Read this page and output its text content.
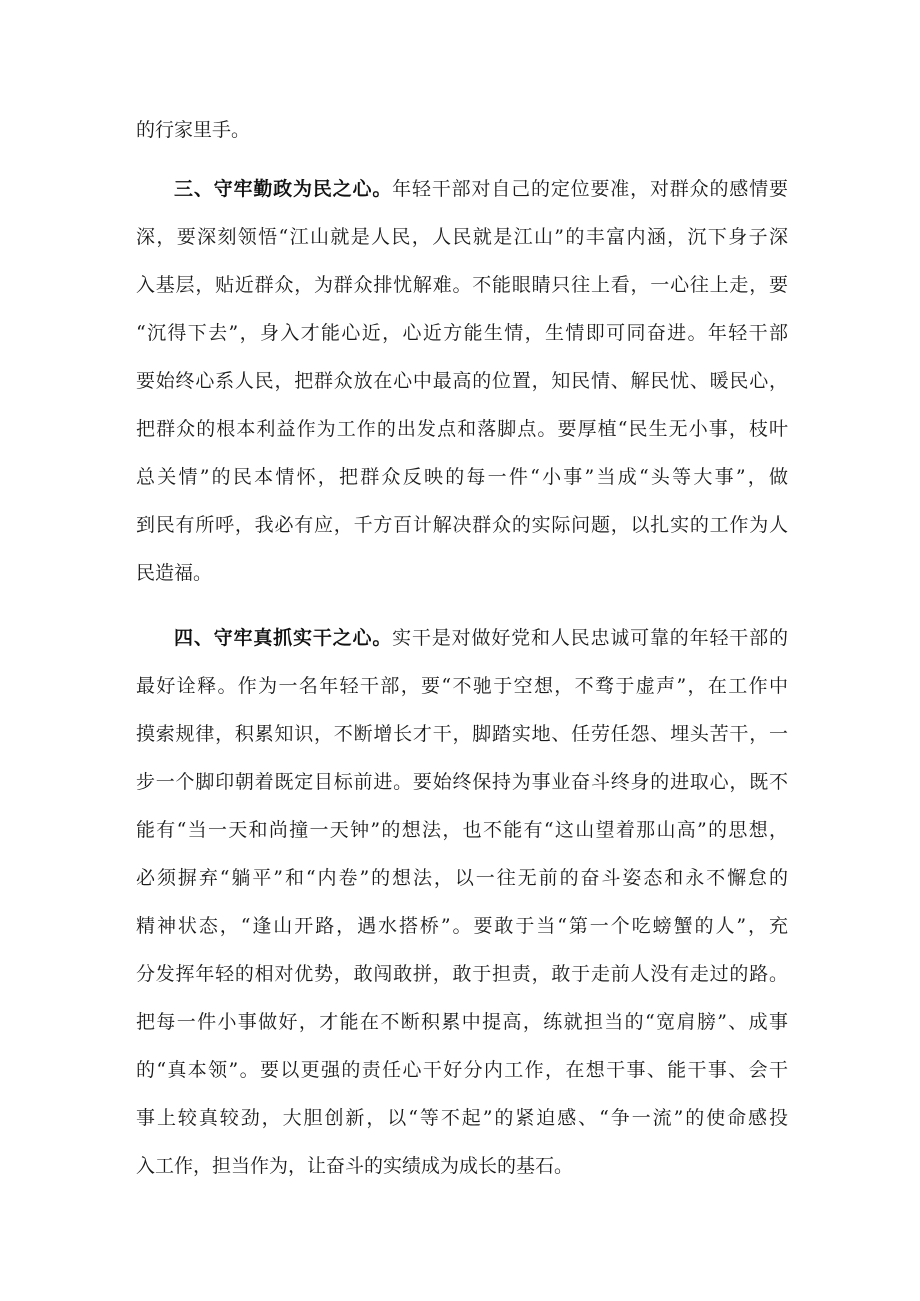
的行家里手。
三、守牢勤政为民之心。年轻干部对自己的定位要准，对群众的感情要
深，要深刻领悟“江山就是人民，人民就是江山”的丰富内涵，沉下身子深
入基层，贴近群众，为群众排忧解难。不能眼睛只往上看，一心往上走，要
“沉得下去”，身入才能心近，心近方能生情，生情即可同奋进。年轻干部
要始终心系人民，把群众放在心中最高的位置，知民情、解民忧、暖民心，
把群众的根本利益作为工作的出发点和落脚点。要厚植“民生无小事，枝叶
总关情”的民本情怀，把群众反映的每一件“小事”当成“头等大事”，做
到民有所呼，我必有应，千方百计解决群众的实际问题，以扎实的工作为人
民造福。
四、守牢真抓实干之心。实干是对做好党和人民忠诚可靠的年轻干部的
最好诠释。作为一名年轻干部，要“不驰于空想，不骛于虚声”，在工作中
摸索规律，积累知识，不断增长才干，脚踏实地、任劳任怨、埋头苦干，一
步一个脚印朝着既定目标前进。要始终保持为事业奋斗终身的进取心，既不
能有“当一天和尚撞一天钟”的想法，也不能有“这山望着那山高”的思想，
必须摒弃“躺平”和“内卷”的想法，以一往无前的奋斗姿态和永不懈怠的
精神状态，“逢山开路，遇水搭桥”。要敢于当“第一个吃螃蟹的人”，充
分发挥年轻的相对优势，敢闯敢拼，敢于担责，敢于走前人没有走过的路。
把每一件小事做好，才能在不断积累中提高，练就担当的“宽肩膀”、成事
的“真本领”。要以更强的责任心干好分内工作，在想干事、能干事、会干
事上较真较劲，大胆创新，以“等不起”的紧迫感、“争一流”的使命感投
入工作，担当作为，让奋斗的实绩成为成长的基石。
